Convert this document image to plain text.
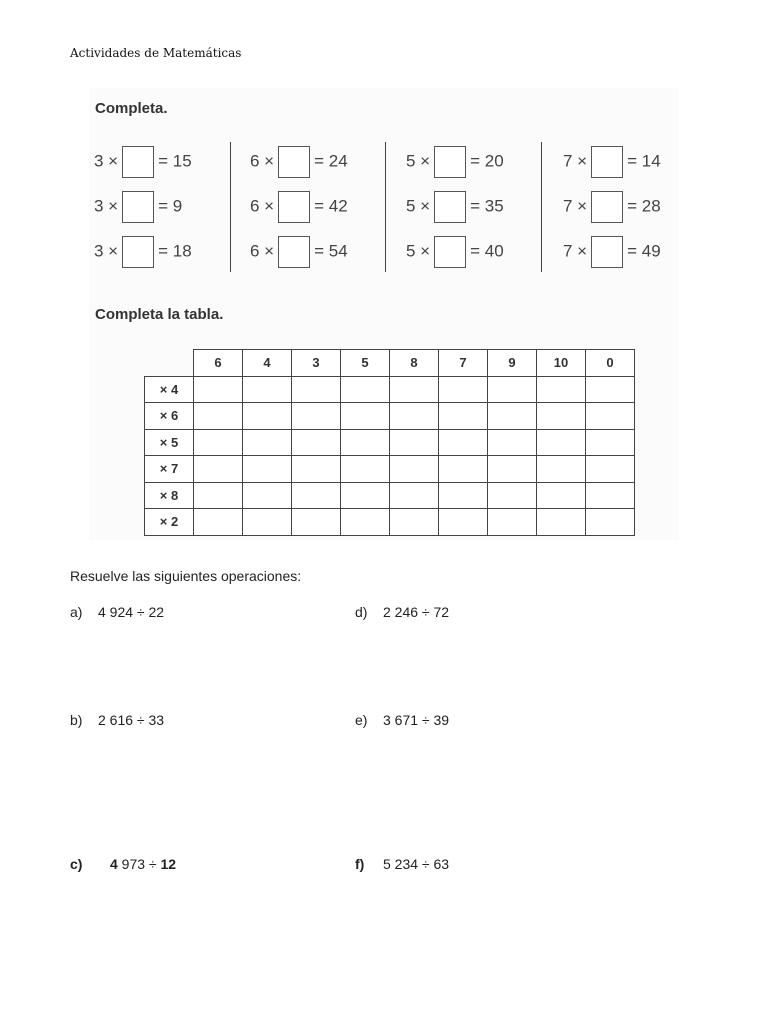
Actividades de Matemáticas
Completa.
3 × = 15
3 × = 9
3 × = 18
6 × = 24
6 × = 42
6 × = 54
5 × = 20
5 × = 35
5 × = 40
7 × = 14
7 × = 28
7 × = 49
Completa la tabla.
	6	4	3	5	8	7	9	10	0
× 4									
× 6									
× 5									
× 7									
× 8									
× 2									
Resuelve las siguientes operaciones:
a) 4 924 ÷ 22	d) 2 246 ÷ 72
b) 2 616 ÷ 33	e) 3 671 ÷ 39
c) 4 973 ÷ 12	f) 5 234 ÷ 63
